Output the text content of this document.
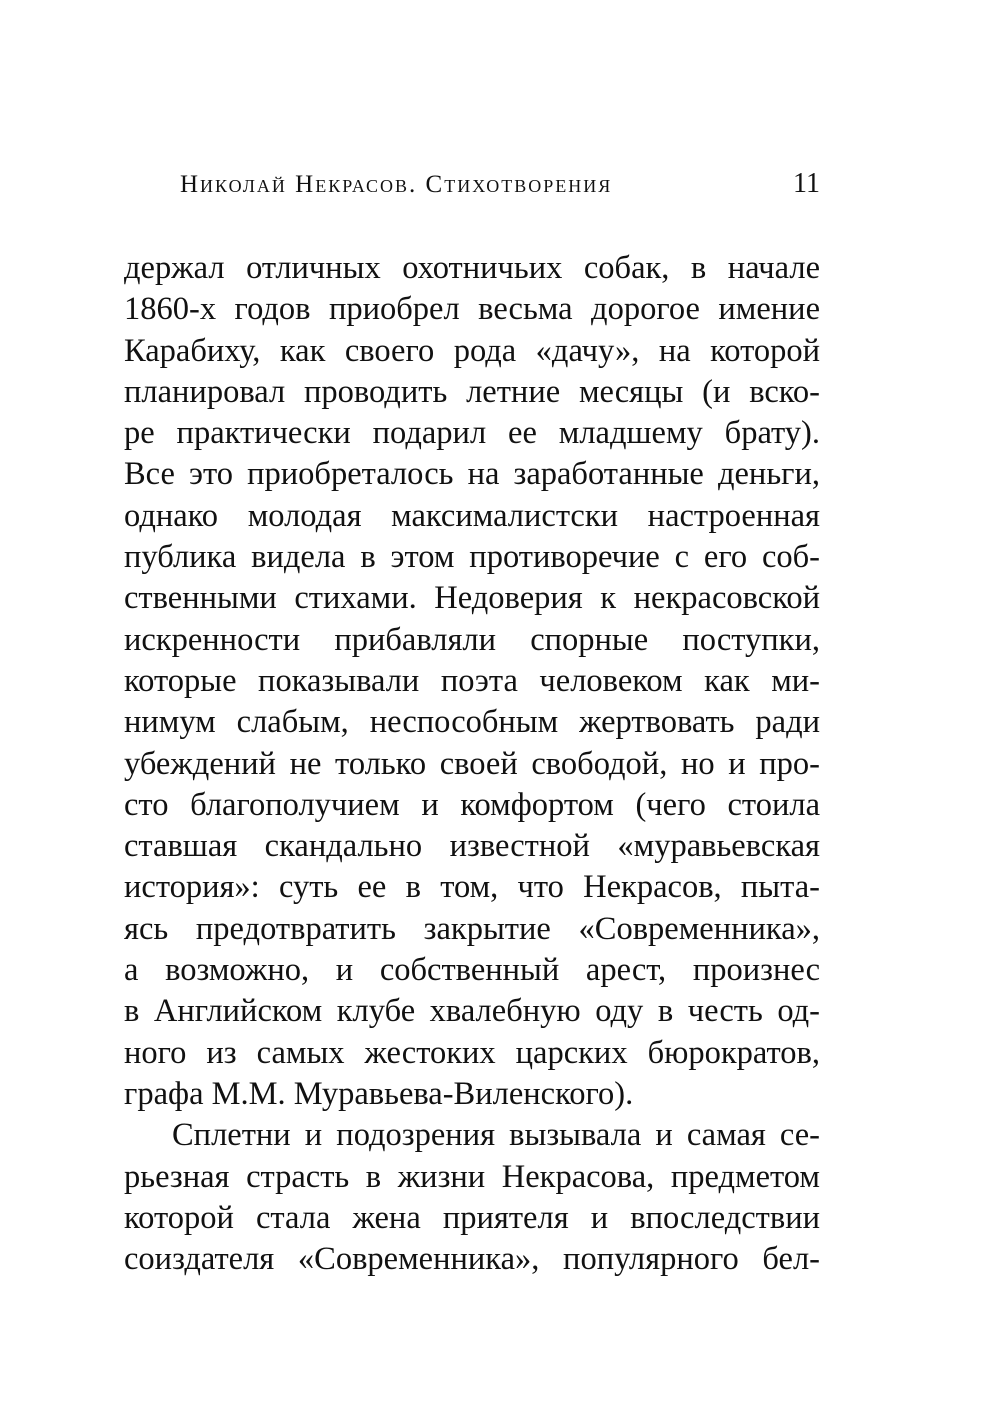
Николай Некрасов. Стихотворения	11
держал отличных охотничьих собак, в начале
1860-х годов приобрел весьма дорогое имение
Карабиху, как своего рода «дачу», на которой
планировал проводить летние месяцы (и вско-
ре практически подарил ее младшему брату).
Все это приобреталось на заработанные деньги,
однако молодая максималистски настроенная
публика видела в этом противоречие с его соб-
ственными стихами. Недоверия к некрасовской
искренности прибавляли спорные поступки,
которые показывали поэта человеком как ми-
нимум слабым, неспособным жертвовать ради
убеждений не только своей свободой, но и про-
сто благополучием и комфортом (чего стоила
ставшая скандально известной «муравьевская
история»: суть ее в том, что Некрасов, пыта-
ясь предотвратить закрытие «Современника»,
а возможно, и собственный арест, произнес
в Английском клубе хвалебную оду в честь од-
ного из самых жестоких царских бюрократов,
графа М.М. Муравьева-Виленского).
Сплетни и подозрения вызывала и самая се-
рьезная страсть в жизни Некрасова, предметом
которой стала жена приятеля и впоследствии
соиздателя «Современника», популярного бел-
